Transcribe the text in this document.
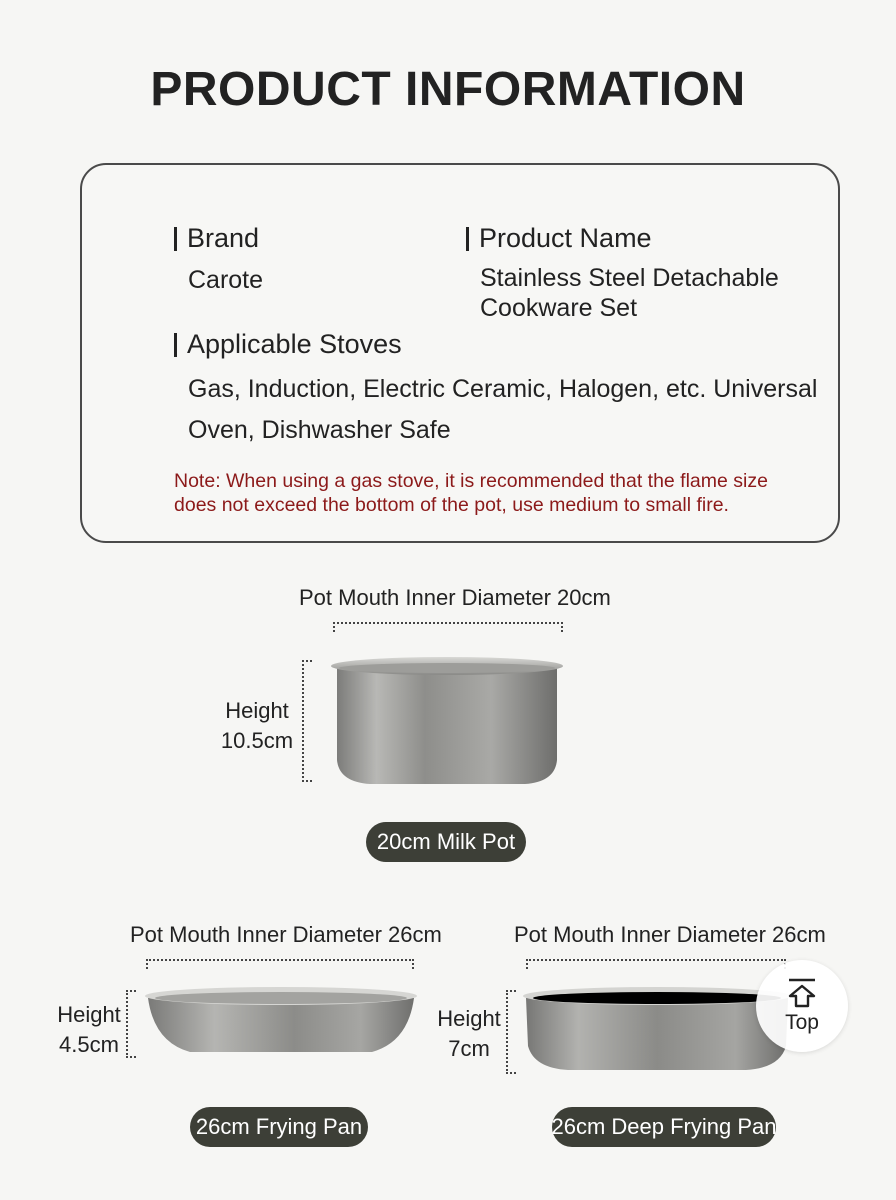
PRODUCT INFORMATION
Brand
Carote
Product Name
Stainless Steel Detachable
Cookware Set
Applicable Stoves
Gas, Induction, Electric Ceramic, Halogen, etc. Universal
Oven, Dishwasher Safe
Note: When using a gas stove, it is recommended that the flame size
does not exceed the bottom of the pot, use medium to small fire.
Pot Mouth Inner Diameter 20cm
Height
10.5cm
20cm Milk Pot
Pot Mouth Inner Diameter 26cm
Height
4.5cm
26cm Frying Pan
Pot Mouth Inner Diameter 26cm
Height
7cm
26cm Deep Frying Pan
Top
